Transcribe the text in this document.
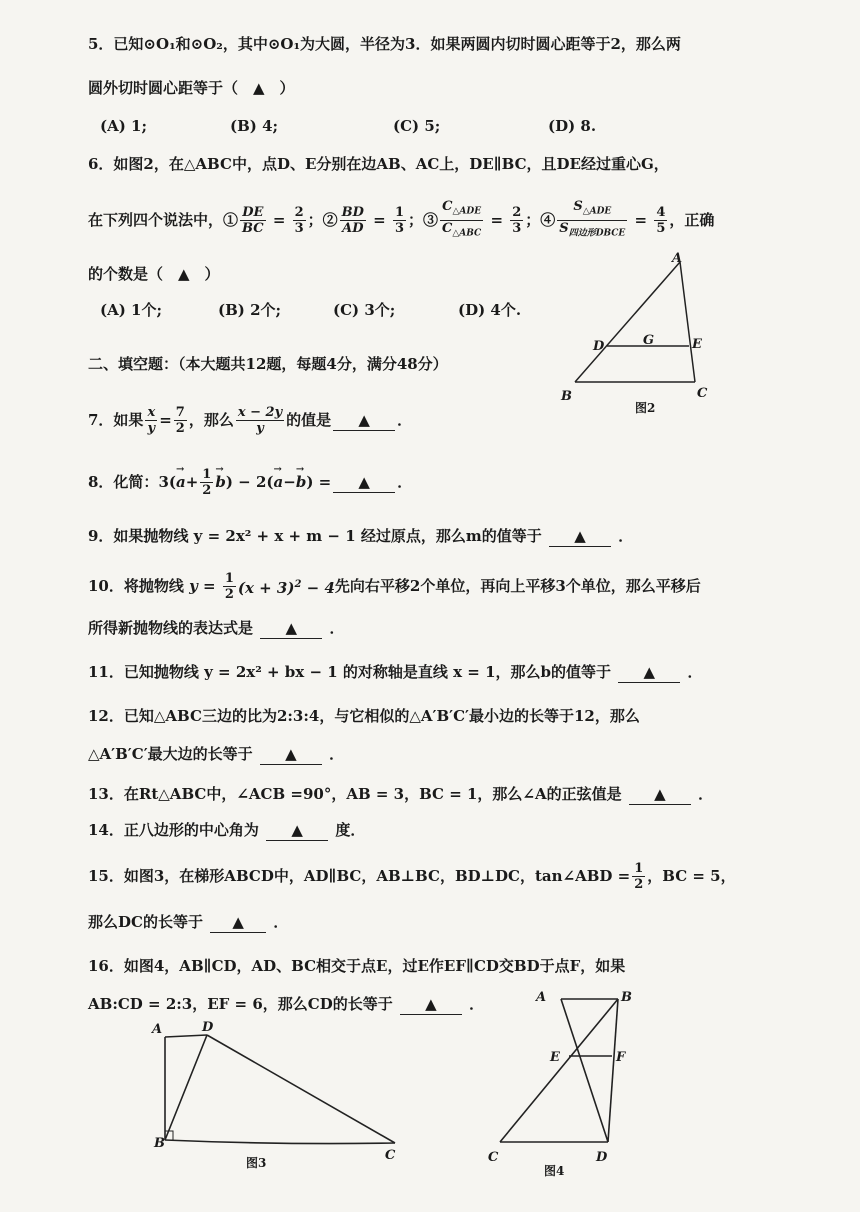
5．已知⊙O₁和⊙O₂，其中⊙O₁为大圆，半径为3．如果两圆内切时圆心距等于2，那么两
圆外切时圆心距等于（　▲　）
(A) 1;	(B) 4;	(C) 5;	(D) 8.
6．如图2，在△ABC中，点D、E分别在边AB、AC上，DE∥BC，且DE经过重心G，
在下列四个说法中，① $\frac{DE}{BC} = \frac{2}{3}$ ；② $\frac{BD}{AD} = \frac{1}{3}$ ；③ $\frac{C_{\triangle ADE}}{C_{\triangle ABC}} = \frac{2}{3}$ ；④ $\frac{S_{\triangle ADE}}{S_{四边形DBCE}} = \frac{4}{5}$ ，正确
的个数是（　▲　）
(A) 1个;	(B) 2个;	(C) 3个;	(D) 4个.
A
B	C
D	E
G
图2
二、填空题：（本大题共12题，每题4分，满分48分）
7．如果 $\frac{x}{y} = \frac{7}{2}$ ，那么 $\frac{x - 2y}{y}$ 的值是	▲	．
8．化简： 3(
→ $a + \frac{1}{2}$
→ b ) − 2(
→ a −
→ b ) =	▲	．
9．如果抛物线 y = 2x² + x + m − 1 经过原点，那么m的值等于 ▲ ．
10．将抛物线 $y = \frac{1}{2} (x + 3)^2 - 4$ 先向右平移2个单位，再向上平移3个单位，那么平移后
所得新抛物线的表达式是 ▲ ．
11．已知抛物线 y = 2x² + bx − 1 的对称轴是直线 x = 1，那么b的值等于 ▲ ．
12．已知△ABC三边的比为2:3:4，与它相似的△A′B′C′最小边的长等于12，那么
△A′B′C′最大边的长等于 ▲ ．
13．在Rt△ABC中，∠ACB =90°，AB = 3，BC = 1，那么∠A的正弦值是 ▲ ．
14．正八边形的中心角为 ▲ 度．
15．如图3，在梯形ABCD中，AD∥BC，AB⊥BC，BD⊥DC，tan∠ABD = $\frac{1}{2}$ ，BC = 5，
那么DC的长等于 ▲ ．
16．如图4，AB∥CD，AD、BC相交于点E，过E作EF∥CD交BD于点F，如果
AB:CD = 2:3，EF = 6，那么CD的长等于 ▲ ．
A
B
C
D
图3
A	B
C	D
E	F
图4
